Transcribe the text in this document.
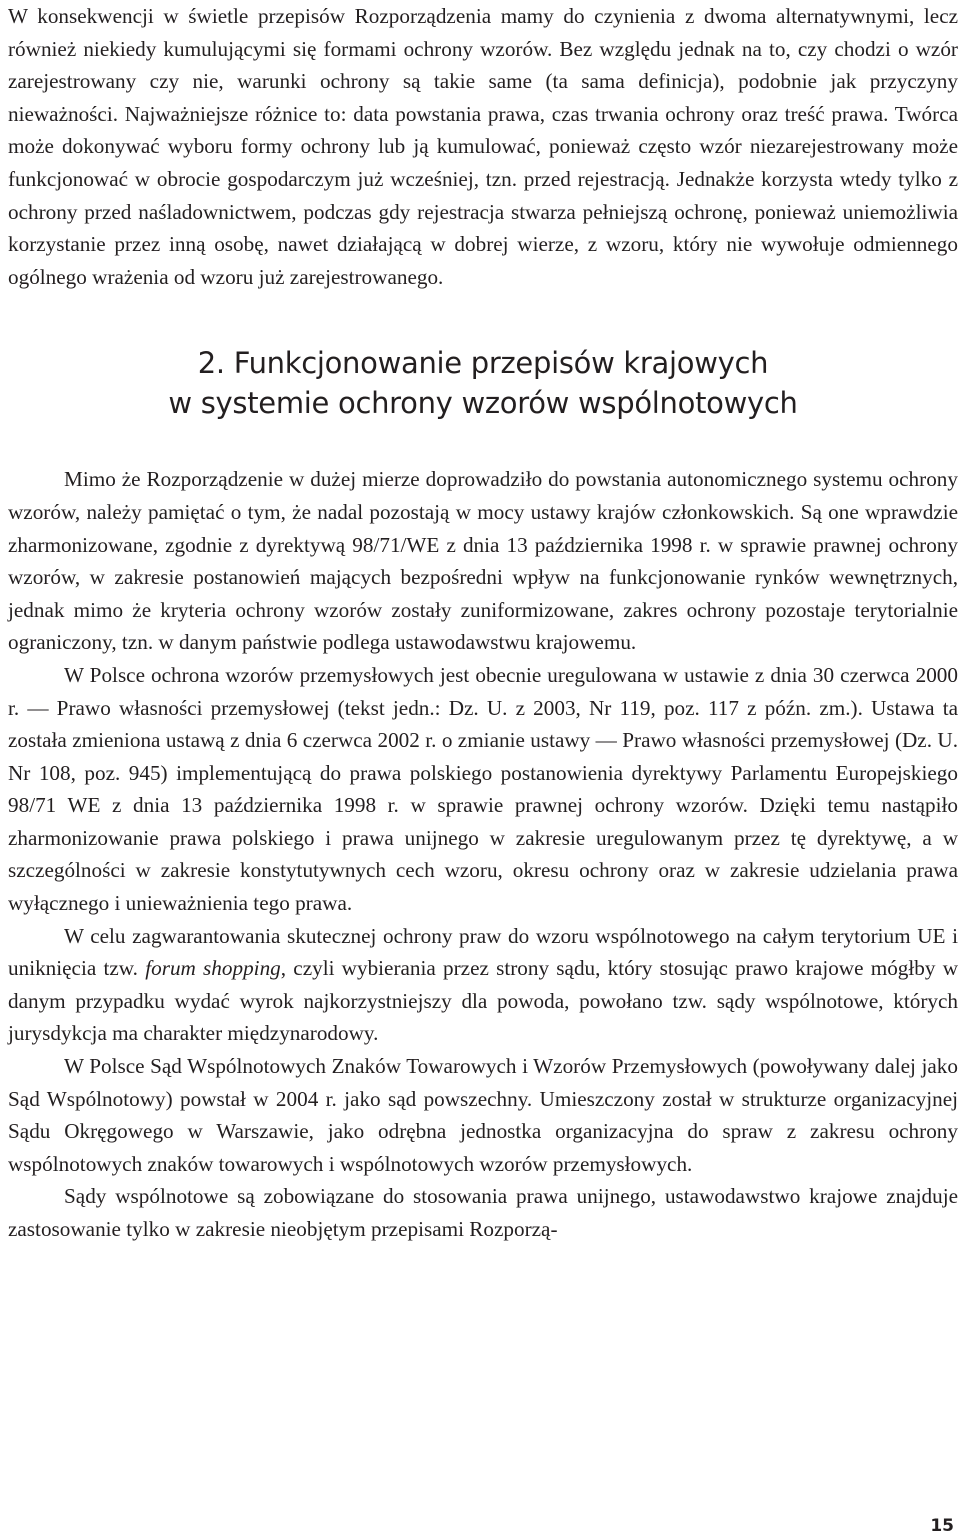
W konsekwencji w świetle przepisów Rozporządzenia mamy do czynienia z dwoma alternatywnymi, lecz również niekiedy kumulującymi się formami ochrony wzorów. Bez względu jednak na to, czy chodzi o wzór zarejestrowany czy nie, warunki ochrony są takie same (ta sama definicja), podobnie jak przyczyny nieważności. Najważniejsze różnice to: data powstania prawa, czas trwania ochrony oraz treść prawa. Twórca może dokonywać wyboru formy ochrony lub ją kumulować, ponieważ często wzór niezarejestrowany może funkcjonować w obrocie gospodarczym już wcześniej, tzn. przed rejestracją. Jednakże korzysta wtedy tylko z ochrony przed naśladownictwem, podczas gdy rejestracja stwarza pełniejszą ochronę, ponieważ uniemożliwia korzystanie przez inną osobę, nawet działającą w dobrej wierze, z wzoru, który nie wywołuje odmiennego ogólnego wrażenia od wzoru już zarejestrowanego.

2. Funkcjonowanie przepisów krajowych
w systemie ochrony wzorów wspólnotowych

Mimo że Rozporządzenie w dużej mierze doprowadziło do powstania autonomicznego systemu ochrony wzorów, należy pamiętać o tym, że nadal pozostają w mocy ustawy krajów członkowskich. Są one wprawdzie zharmonizowane, zgodnie z dyrektywą 98/71/WE z dnia 13 października 1998 r. w sprawie prawnej ochrony wzorów, w zakresie postanowień mających bezpośredni wpływ na funkcjonowanie rynków wewnętrznych, jednak mimo że kryteria ochrony wzorów zostały zuniformizowane, zakres ochrony pozostaje terytorialnie ograniczony, tzn. w danym państwie podlega ustawodawstwu krajowemu.

W Polsce ochrona wzorów przemysłowych jest obecnie uregulowana w ustawie z dnia 30 czerwca 2000 r. — Prawo własności przemysłowej (tekst jedn.: Dz. U. z 2003, Nr 119, poz. 117 z późn. zm.). Ustawa ta została zmieniona ustawą z dnia 6 czerwca 2002 r. o zmianie ustawy — Prawo własności przemysłowej (Dz. U. Nr 108, poz. 945) implementującą do prawa polskiego postanowienia dyrektywy Parlamentu Europejskiego 98/71 WE z dnia 13 października 1998 r. w sprawie prawnej ochrony wzorów. Dzięki temu nastąpiło zharmonizowanie prawa polskiego i prawa unijnego w zakresie uregulowanym przez tę dyrektywę, a w szczególności w zakresie konstytutywnych cech wzoru, okresu ochrony oraz w zakresie udzielania prawa wyłącznego i unieważnienia tego prawa.

W celu zagwarantowania skutecznej ochrony praw do wzoru wspólnotowego na całym terytorium UE i uniknięcia tzw. forum shopping, czyli wybierania przez strony sądu, który stosując prawo krajowe mógłby w danym przypadku wydać wyrok najkorzystniejszy dla powoda, powołano tzw. sądy wspólnotowe, których jurysdykcja ma charakter międzynarodowy.

W Polsce Sąd Wspólnotowych Znaków Towarowych i Wzorów Przemysłowych (powoływany dalej jako Sąd Wspólnotowy) powstał w 2004 r. jako sąd powszechny. Umieszczony został w strukturze organizacyjnej Sądu Okręgowego w Warszawie, jako odrębna jednostka organizacyjna do spraw z zakresu ochrony wspólnotowych znaków towarowych i wspólnotowych wzorów przemysłowych.

Sądy wspólnotowe są zobowiązane do stosowania prawa unijnego, ustawodawstwo krajowe znajduje zastosowanie tylko w zakresie nieobjętym przepisami Rozporzą-

15
